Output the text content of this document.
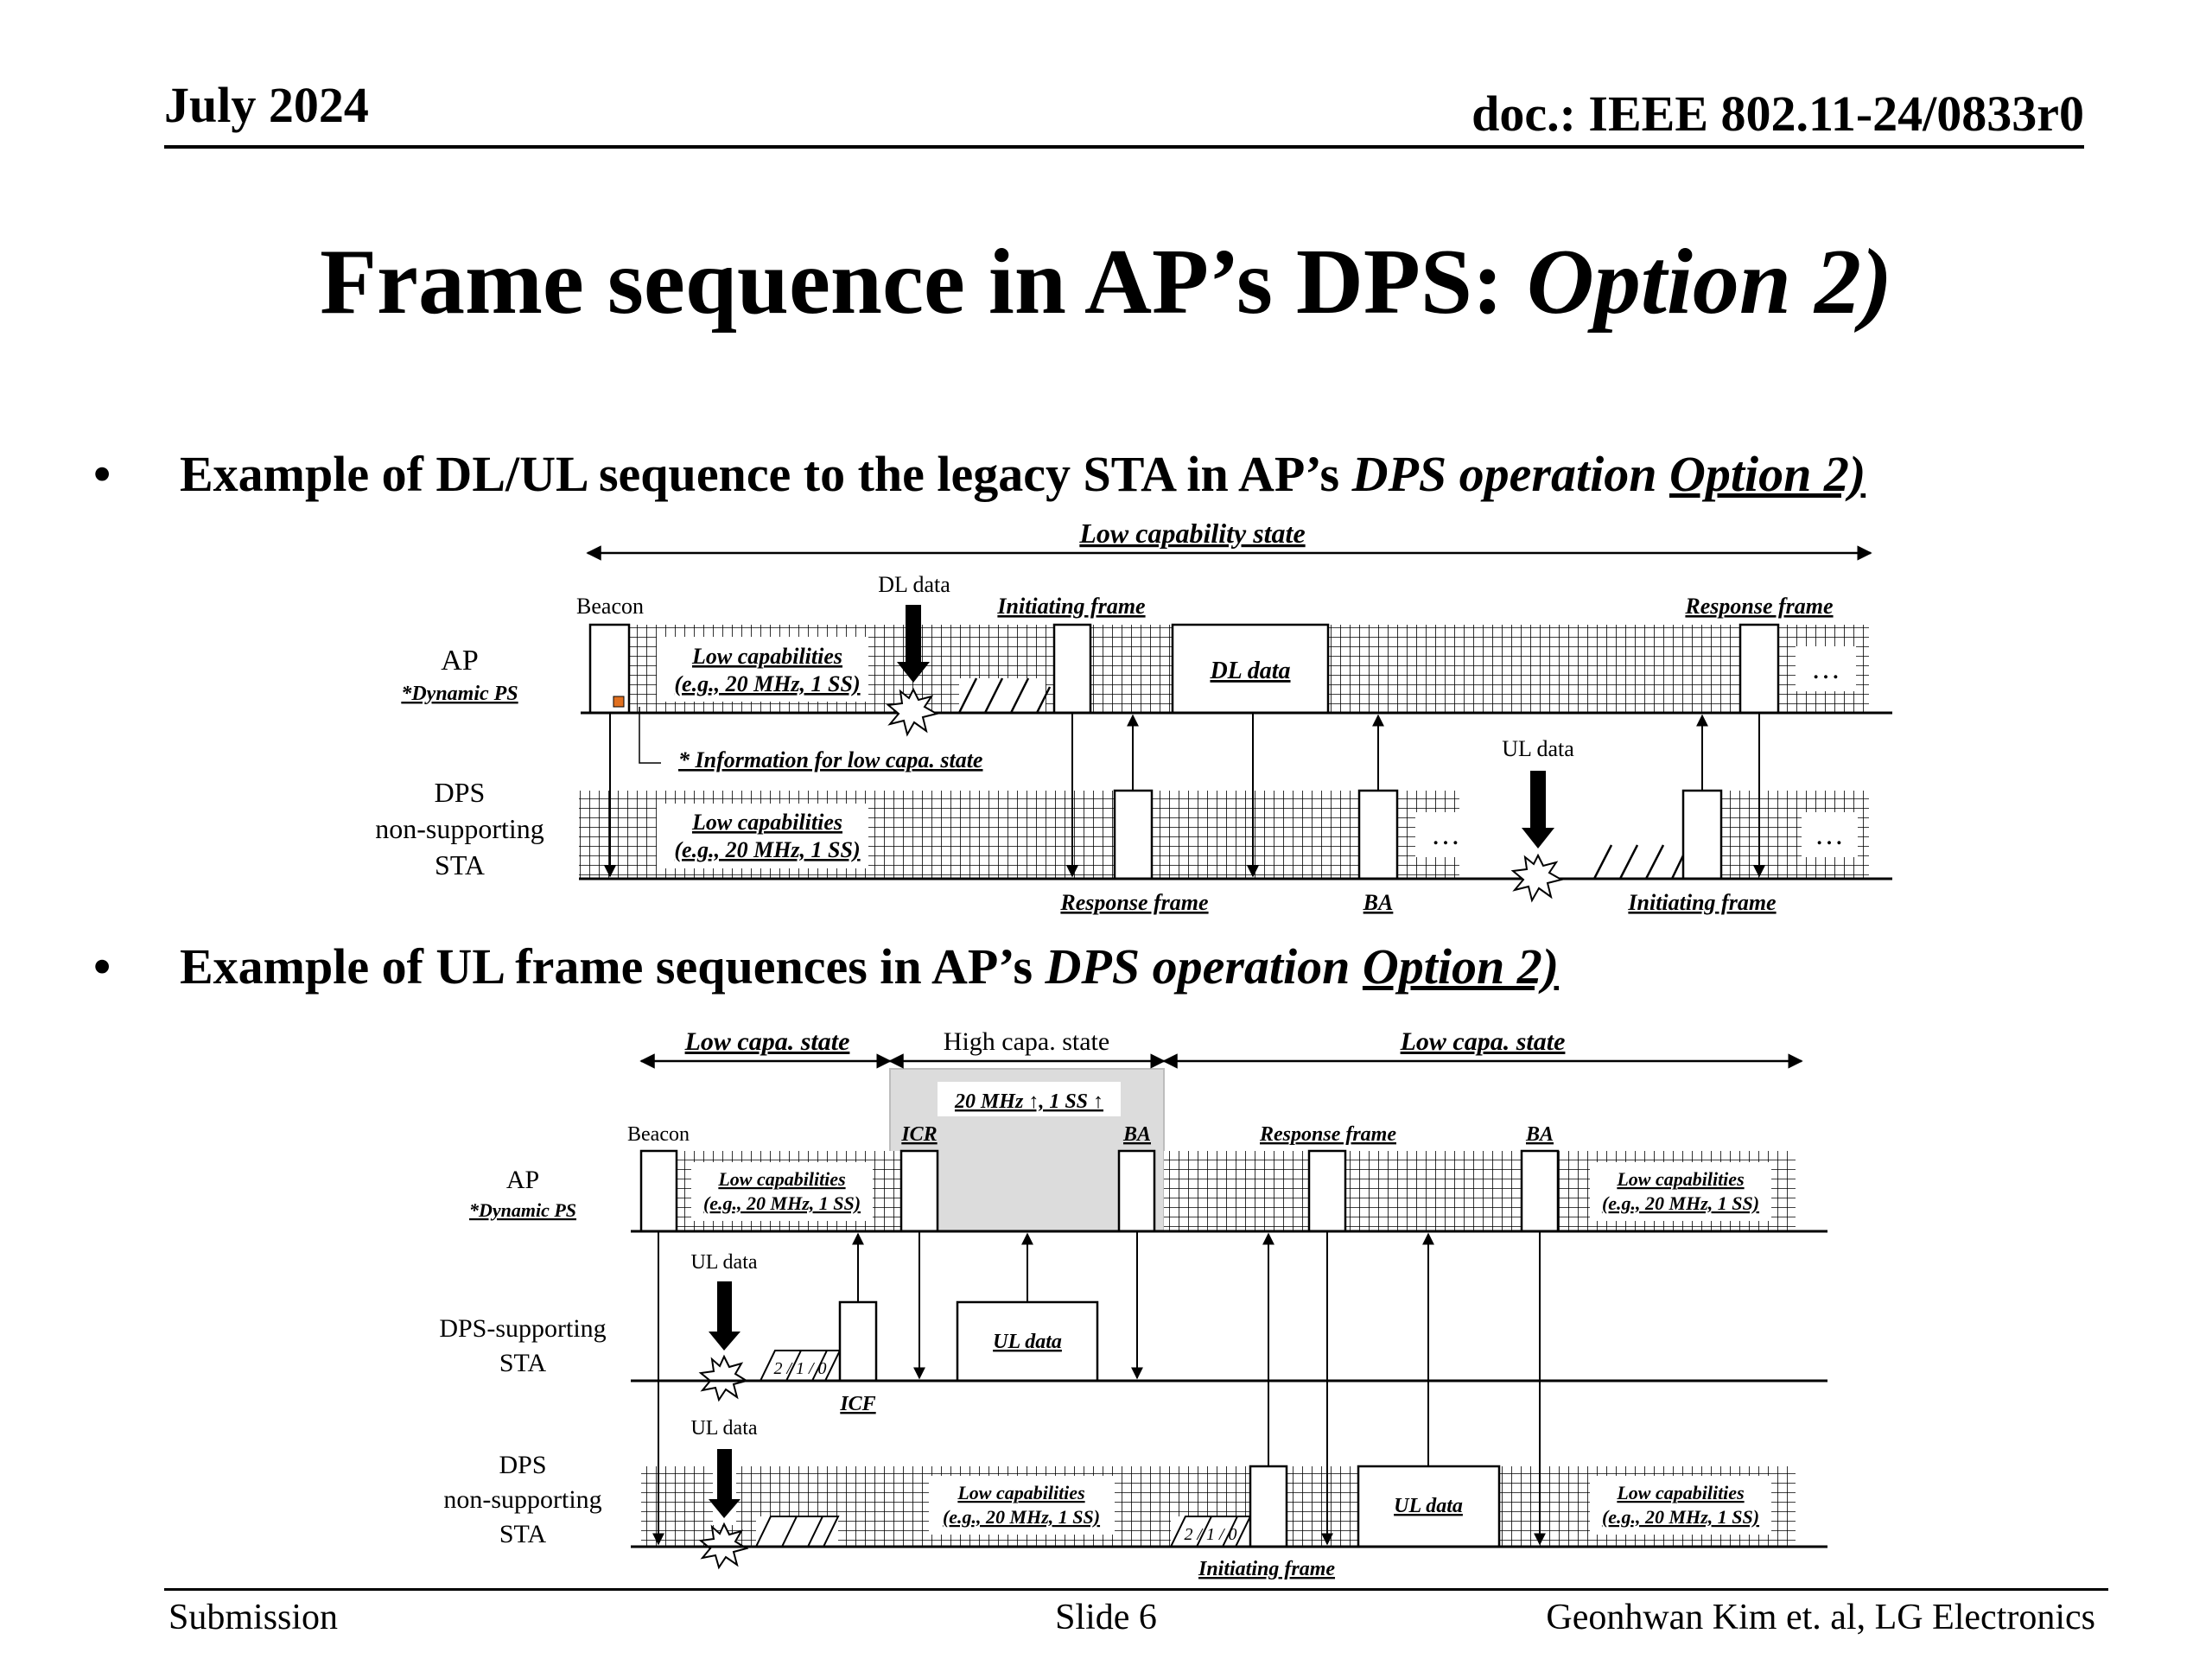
July 2024	doc.: IEEE 802.11-24/0833r0
Frame sequence in AP’s DPS: Option 2)
• Example of DL/UL sequence to the legacy STA in AP’s DPS operation Option 2)
• Example of UL frame sequences in AP’s DPS operation Option 2)
Low capability state
Low capabilities
(e.g., 20 MHz, 1 SS)	DL data	…
Beacon
DL data
Initiating frame	Response frame
AP
*Dynamic PS
* Information for low capa. state
Low capabilities
(e.g., 20 MHz, 1 SS)	…	…
UL data
DPS
non-supporting
STA
Response frame	BA	Initiating frame
Low capa. state	High capa. state	Low capa. state
20 MHz ↑, 1 SS ↑
Beacon	ICR	BA	Response frame	BA
Low capabilities
(e.g., 20 MHz, 1 SS)
Low capabilities
(e.g., 20 MHz, 1 SS)
AP
*Dynamic PS
UL data
2 / 1 / 0
UL data
ICF
DPS-supporting
STA
UL data
Low capabilities
(e.g., 20 MHz, 1 SS)
2 / 1 / 0
UL data
Low capabilities
(e.g., 20 MHz, 1 SS)
Initiating frame
DPS
non-supporting
STA
Submission	Slide 6	Geonhwan Kim et. al, LG Electronics
